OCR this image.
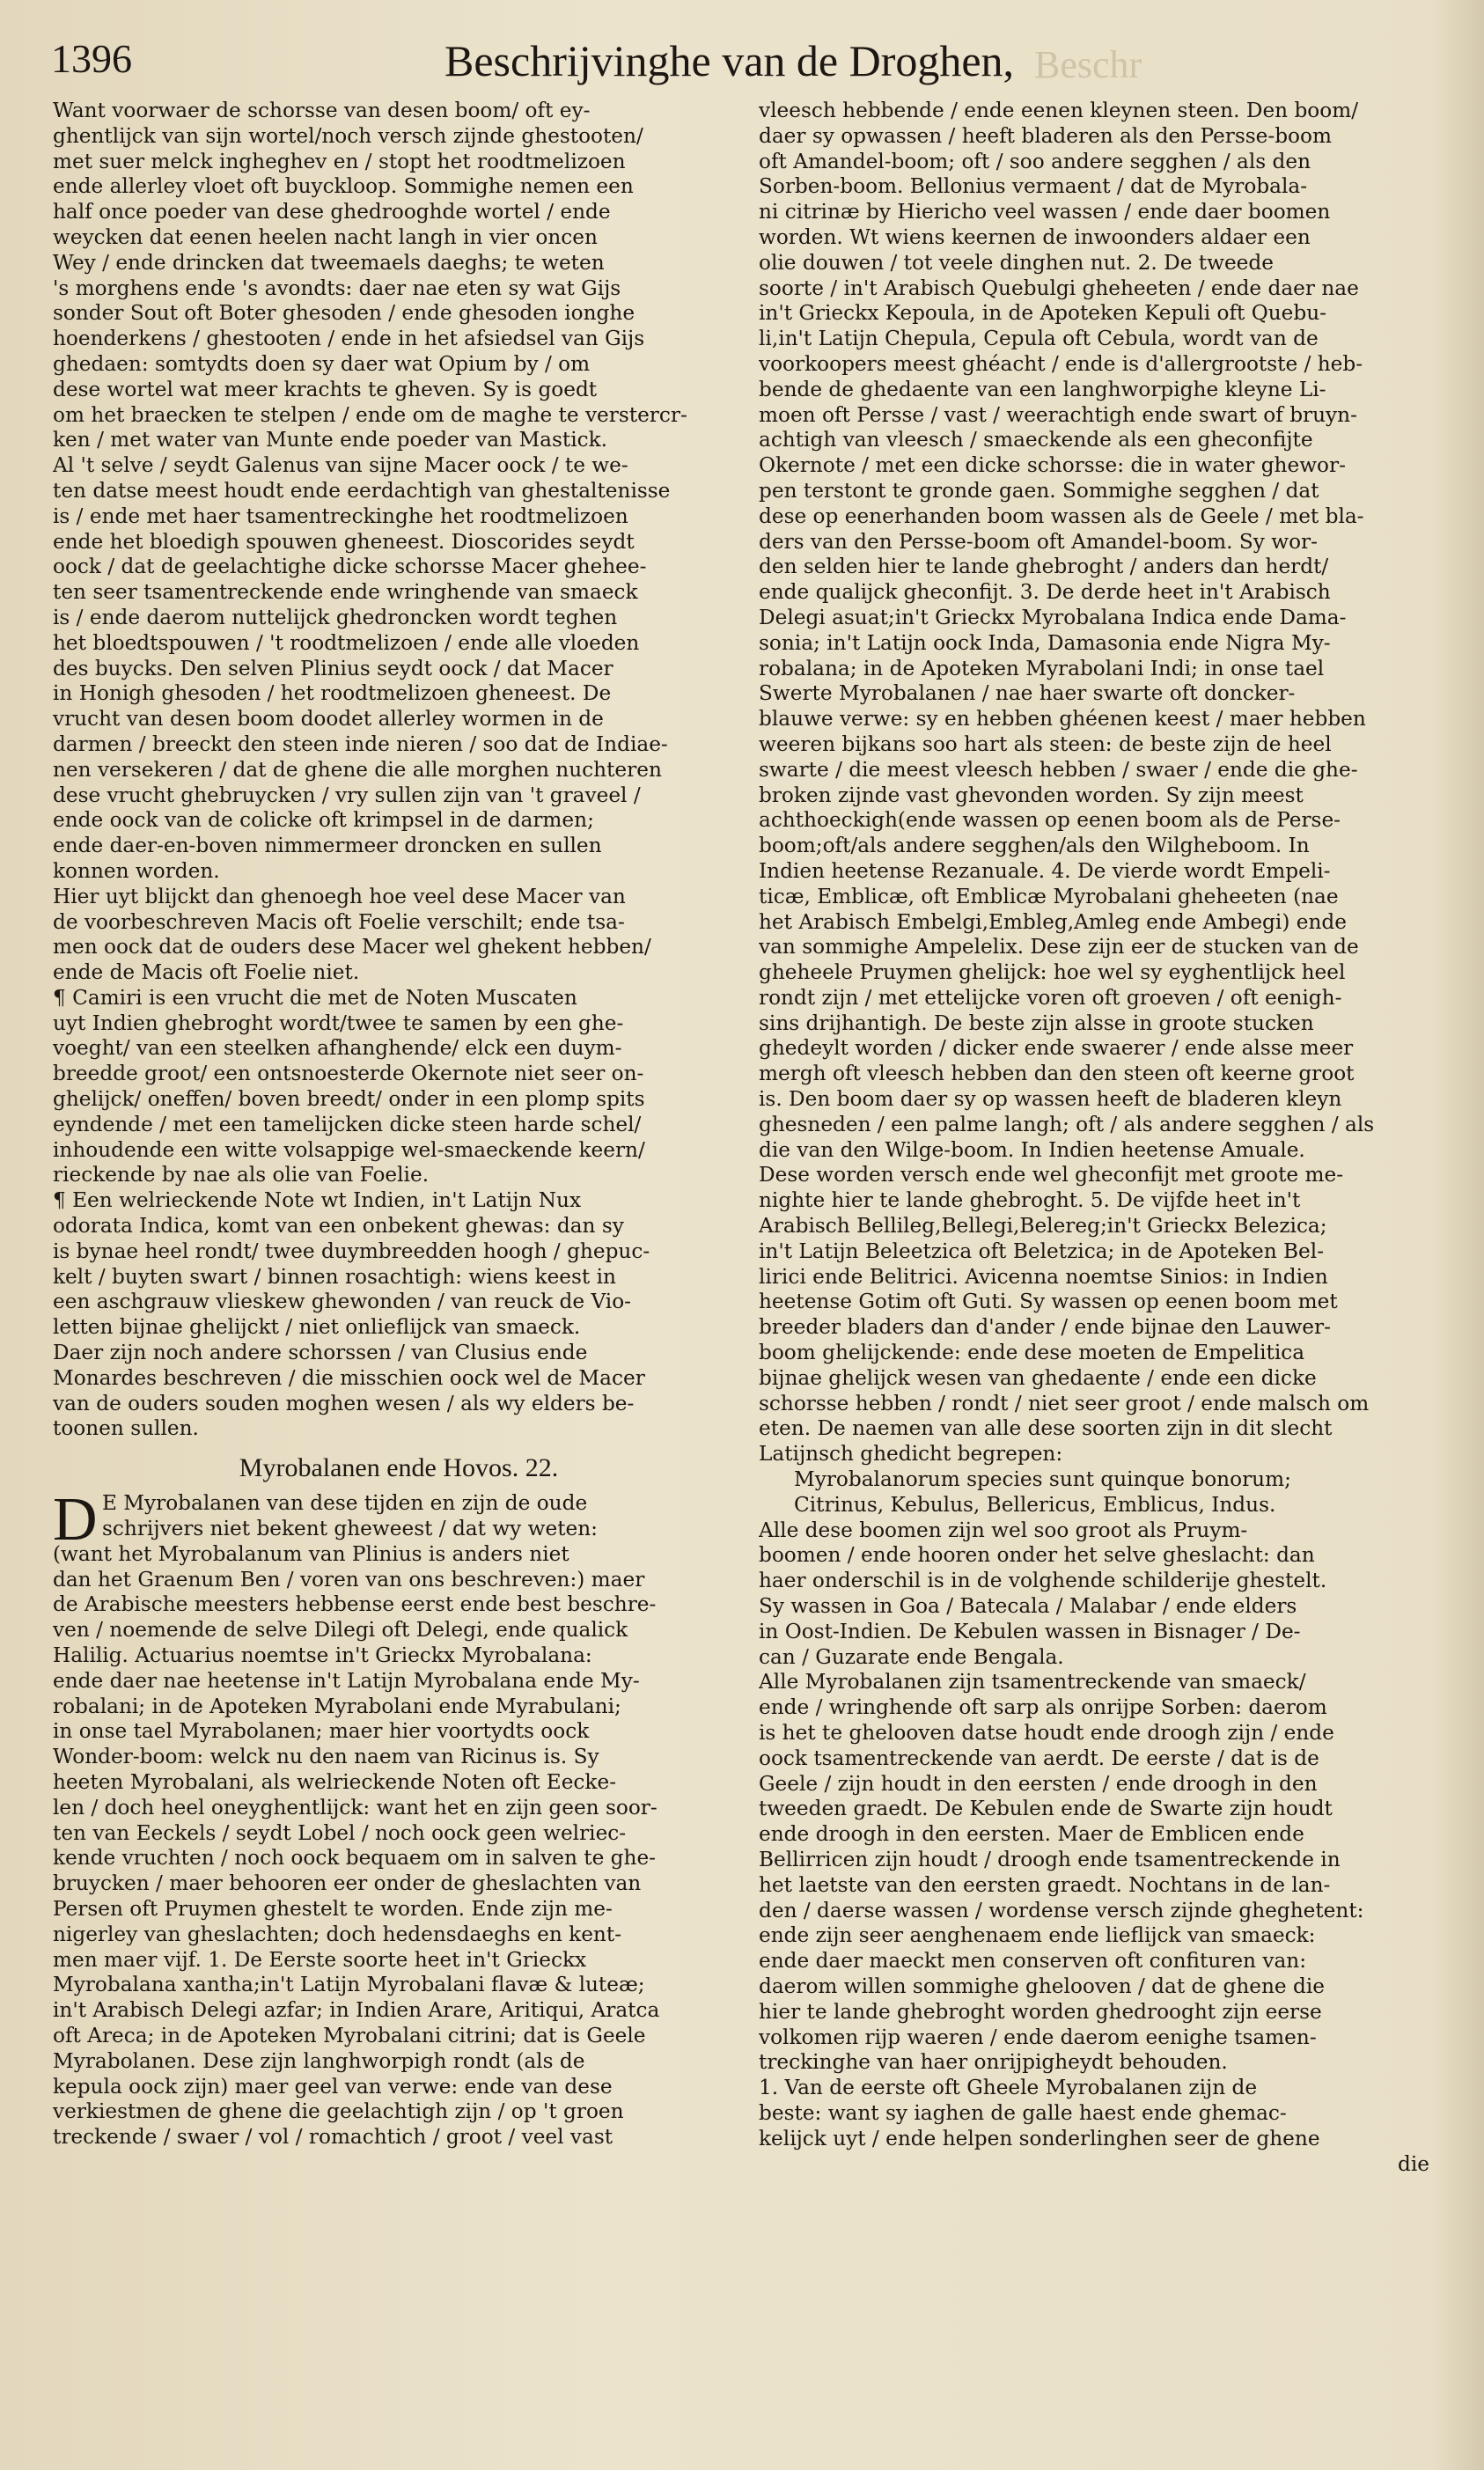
1396	Beschrijvinghe van de Droghen, Beschr
Want voorwaer de schorsse van desen boom/ oft ey-
ghentlijck van sijn wortel/noch versch zijnde ghestooten/
met suer melck ingheghev en / stopt het roodtmelizoen
ende allerley vloet oft buyckloop. Sommighe nemen een
half once poeder van dese ghedrooghde wortel / ende
weycken dat eenen heelen nacht langh in vier oncen
Wey / ende drincken dat tweemaels daeghs; te weten
's morghens ende 's avondts: daer nae eten sy wat Gijs
sonder Sout oft Boter ghesoden / ende ghesoden ionghe
hoenderkens / ghestooten / ende in het afsiedsel van Gijs
ghedaen: somtydts doen sy daer wat Opium by / om
dese wortel wat meer krachts te gheven. Sy is goedt
om het braecken te stelpen / ende om de maghe te verstercr-
ken / met water van Munte ende poeder van Mastick.
Al 't selve / seydt Galenus van sijne Macer oock / te we-
ten datse meest houdt ende eerdachtigh van ghestaltenisse
is / ende met haer tsamentreckinghe het roodtmelizoen
ende het bloedigh spouwen gheneest. Dioscorides seydt
oock / dat de geelachtighe dicke schorsse Macer ghehee-
ten seer tsamentreckende ende wringhende van smaeck
is / ende daerom nuttelijck ghedroncken wordt teghen
het bloedtspouwen / 't roodtmelizoen / ende alle vloeden
des buycks. Den selven Plinius seydt oock / dat Macer
in Honigh ghesoden / het roodtmelizoen gheneest. De
vrucht van desen boom doodet allerley wormen in de
darmen / breeckt den steen inde nieren / soo dat de Indiae-
nen versekeren / dat de ghene die alle morghen nuchteren
dese vrucht ghebruycken / vry sullen zijn van 't graveel /
ende oock van de colicke oft krimpsel in de darmen;
ende daer-en-boven nimmermeer droncken en sullen
konnen worden.
Hier uyt blijckt dan ghenoegh hoe veel dese Macer van
de voorbeschreven Macis oft Foelie verschilt; ende tsa-
men oock dat de ouders dese Macer wel ghekent hebben/
ende de Macis oft Foelie niet.
¶ Camiri is een vrucht die met de Noten Muscaten
uyt Indien ghebroght wordt/twee te samen by een ghe-
voeght/ van een steelken afhanghende/ elck een duym-
breedde groot/ een ontsnoesterde Okernote niet seer on-
ghelijck/ oneffen/ boven breedt/ onder in een plomp spits
eyndende / met een tamelijcken dicke steen harde schel/
inhoudende een witte volsappige wel-smaeckende keern/
rieckende by nae als olie van Foelie.
¶ Een welrieckende Note wt Indien, in't Latijn Nux
odorata Indica, komt van een onbekent ghewas: dan sy
is bynae heel rondt/ twee duymbreedden hoogh / ghepuc-
kelt / buyten swart / binnen rosachtigh: wiens keest in
een aschgrauw vlieskew ghewonden / van reuck de Vio-
letten bijnae ghelijckt / niet onlieflijck van smaeck.
Daer zijn noch andere schorssen / van Clusius ende
Monardes beschreven / die misschien oock wel de Macer
van de ouders souden moghen wesen / als wy elders be-
toonen sullen.
Myrobalanen ende Hovos. 22.
D E Myrobalanen van dese tijden en zijn de oude
schrijvers niet bekent gheweest / dat wy weten:
(want het Myrobalanum van Plinius is anders niet
dan het Graenum Ben / voren van ons beschreven:) maer
de Arabische meesters hebbense eerst ende best beschre-
ven / noemende de selve Dilegi oft Delegi, ende qualick
Halilig. Actuarius noemtse in't Grieckx Myrobalana:
ende daer nae heetense in't Latijn Myrobalana ende My-
robalani; in de Apoteken Myrabolani ende Myrabulani;
in onse tael Myrabolanen; maer hier voortydts oock
Wonder-boom: welck nu den naem van Ricinus is. Sy
heeten Myrobalani, als welrieckende Noten oft Eecke-
len / doch heel oneyghentlijck: want het en zijn geen soor-
ten van Eeckels / seydt Lobel / noch oock geen welriec-
kende vruchten / noch oock bequaem om in salven te ghe-
bruycken / maer behooren eer onder de gheslachten van
Persen oft Pruymen ghestelt te worden. Ende zijn me-
nigerley van gheslachten; doch hedensdaeghs en kent-
men maer vijf. 1. De Eerste soorte heet in't Grieckx
Myrobalana xantha;in't Latijn Myrobalani flavæ & luteæ;
in't Arabisch Delegi azfar; in Indien Arare, Aritiqui, Aratca
oft Areca; in de Apoteken Myrobalani citrini; dat is Geele
Myrabolanen. Dese zijn langhworpigh rondt (als de
kepula oock zijn) maer geel van verwe: ende van dese
verkiestmen de ghene die geelachtigh zijn / op 't groen
treckende / swaer / vol / romachtich / groot / veel vast
vleesch hebbende / ende eenen kleynen steen. Den boom/
daer sy opwassen / heeft bladeren als den Persse-boom
oft Amandel-boom; oft / soo andere segghen / als den
Sorben-boom. Bellonius vermaent / dat de Myrobala-
ni citrinæ by Hiericho veel wassen / ende daer boomen
worden. Wt wiens keernen de inwoonders aldaer een
olie douwen / tot veele dinghen nut. 2. De tweede
soorte / in't Arabisch Quebulgi gheheeten / ende daer nae
in't Grieckx Kepoula, in de Apoteken Kepuli oft Quebu-
li,in't Latijn Chepula, Cepula oft Cebula, wordt van de
voorkoopers meest ghéacht / ende is d'allergrootste / heb-
bende de ghedaente van een langhworpighe kleyne Li-
moen oft Persse / vast / weerachtigh ende swart of bruyn-
achtigh van vleesch / smaeckende als een gheconfijte
Okernote / met een dicke schorsse: die in water ghewor-
pen terstont te gronde gaen. Sommighe segghen / dat
dese op eenerhanden boom wassen als de Geele / met bla-
ders van den Persse-boom oft Amandel-boom. Sy wor-
den selden hier te lande ghebroght / anders dan herdt/
ende qualijck gheconfijt. 3. De derde heet in't Arabisch
Delegi asuat;in't Grieckx Myrobalana Indica ende Dama-
sonia; in't Latijn oock Inda, Damasonia ende Nigra My-
robalana; in de Apoteken Myrabolani Indi; in onse tael
Swerte Myrobalanen / nae haer swarte oft doncker-
blauwe verwe: sy en hebben ghéenen keest / maer hebben
weeren bijkans soo hart als steen: de beste zijn de heel
swarte / die meest vleesch hebben / swaer / ende die ghe-
broken zijnde vast ghevonden worden. Sy zijn meest
achthoeckigh(ende wassen op eenen boom als de Perse-
boom;oft/als andere segghen/als den Wilgheboom. In
Indien heetense Rezanuale. 4. De vierde wordt Empeli-
ticæ, Emblicæ, oft Emblicæ Myrobalani gheheeten (nae
het Arabisch Embelgi,Embleg,Amleg ende Ambegi) ende
van sommighe Ampelelix. Dese zijn eer de stucken van de
gheheele Pruymen ghelijck: hoe wel sy eyghentlijck heel
rondt zijn / met ettelijcke voren oft groeven / oft eenigh-
sins drijhantigh. De beste zijn alsse in groote stucken
ghedeylt worden / dicker ende swaerer / ende alsse meer
mergh oft vleesch hebben dan den steen oft keerne groot
is. Den boom daer sy op wassen heeft de bladeren kleyn
ghesneden / een palme langh; oft / als andere segghen / als
die van den Wilge-boom. In Indien heetense Amuale.
Dese worden versch ende wel gheconfijt met groote me-
nighte hier te lande ghebroght. 5. De vijfde heet in't
Arabisch Bellileg,Bellegi,Belereg;in't Grieckx Belezica;
in't Latijn Beleetzica oft Beletzica; in de Apoteken Bel-
lirici ende Belitrici. Avicenna noemtse Sinios: in Indien
heetense Gotim oft Guti. Sy wassen op eenen boom met
breeder bladers dan d'ander / ende bijnae den Lauwer-
boom ghelijckende: ende dese moeten de Empelitica
bijnae ghelijck wesen van ghedaente / ende een dicke
schorsse hebben / rondt / niet seer groot / ende malsch om
eten. De naemen van alle dese soorten zijn in dit slecht
Latijnsch ghedicht begrepen:
Myrobalanorum species sunt quinque bonorum;
Citrinus, Kebulus, Bellericus, Emblicus, Indus.
Alle dese boomen zijn wel soo groot als Pruym-
boomen / ende hooren onder het selve gheslacht: dan
haer onderschil is in de volghende schilderije ghestelt.
Sy wassen in Goa / Batecala / Malabar / ende elders
in Oost-Indien. De Kebulen wassen in Bisnager / De-
can / Guzarate ende Bengala.
Alle Myrobalanen zijn tsamentreckende van smaeck/
ende / wringhende oft sarp als onrijpe Sorben: daerom
is het te ghelooven datse houdt ende droogh zijn / ende
oock tsamentreckende van aerdt. De eerste / dat is de
Geele / zijn houdt in den eersten / ende droogh in den
tweeden graedt. De Kebulen ende de Swarte zijn houdt
ende droogh in den eersten. Maer de Emblicen ende
Bellirricen zijn houdt / droogh ende tsamentreckende in
het laetste van den eersten graedt. Nochtans in de lan-
den / daerse wassen / wordense versch zijnde gheghetent:
ende zijn seer aenghenaem ende lieflijck van smaeck:
ende daer maeckt men conserven oft confituren van:
daerom willen sommighe ghelooven / dat de ghene die
hier te lande ghebroght worden ghedrooght zijn eerse
volkomen rijp waeren / ende daerom eenighe tsamen-
treckinghe van haer onrijpigheydt behouden.
1. Van de eerste oft Gheele Myrobalanen zijn de
beste: want sy iaghen de galle haest ende ghemac-
kelijck uyt / ende helpen sonderlinghen seer de ghene
die
